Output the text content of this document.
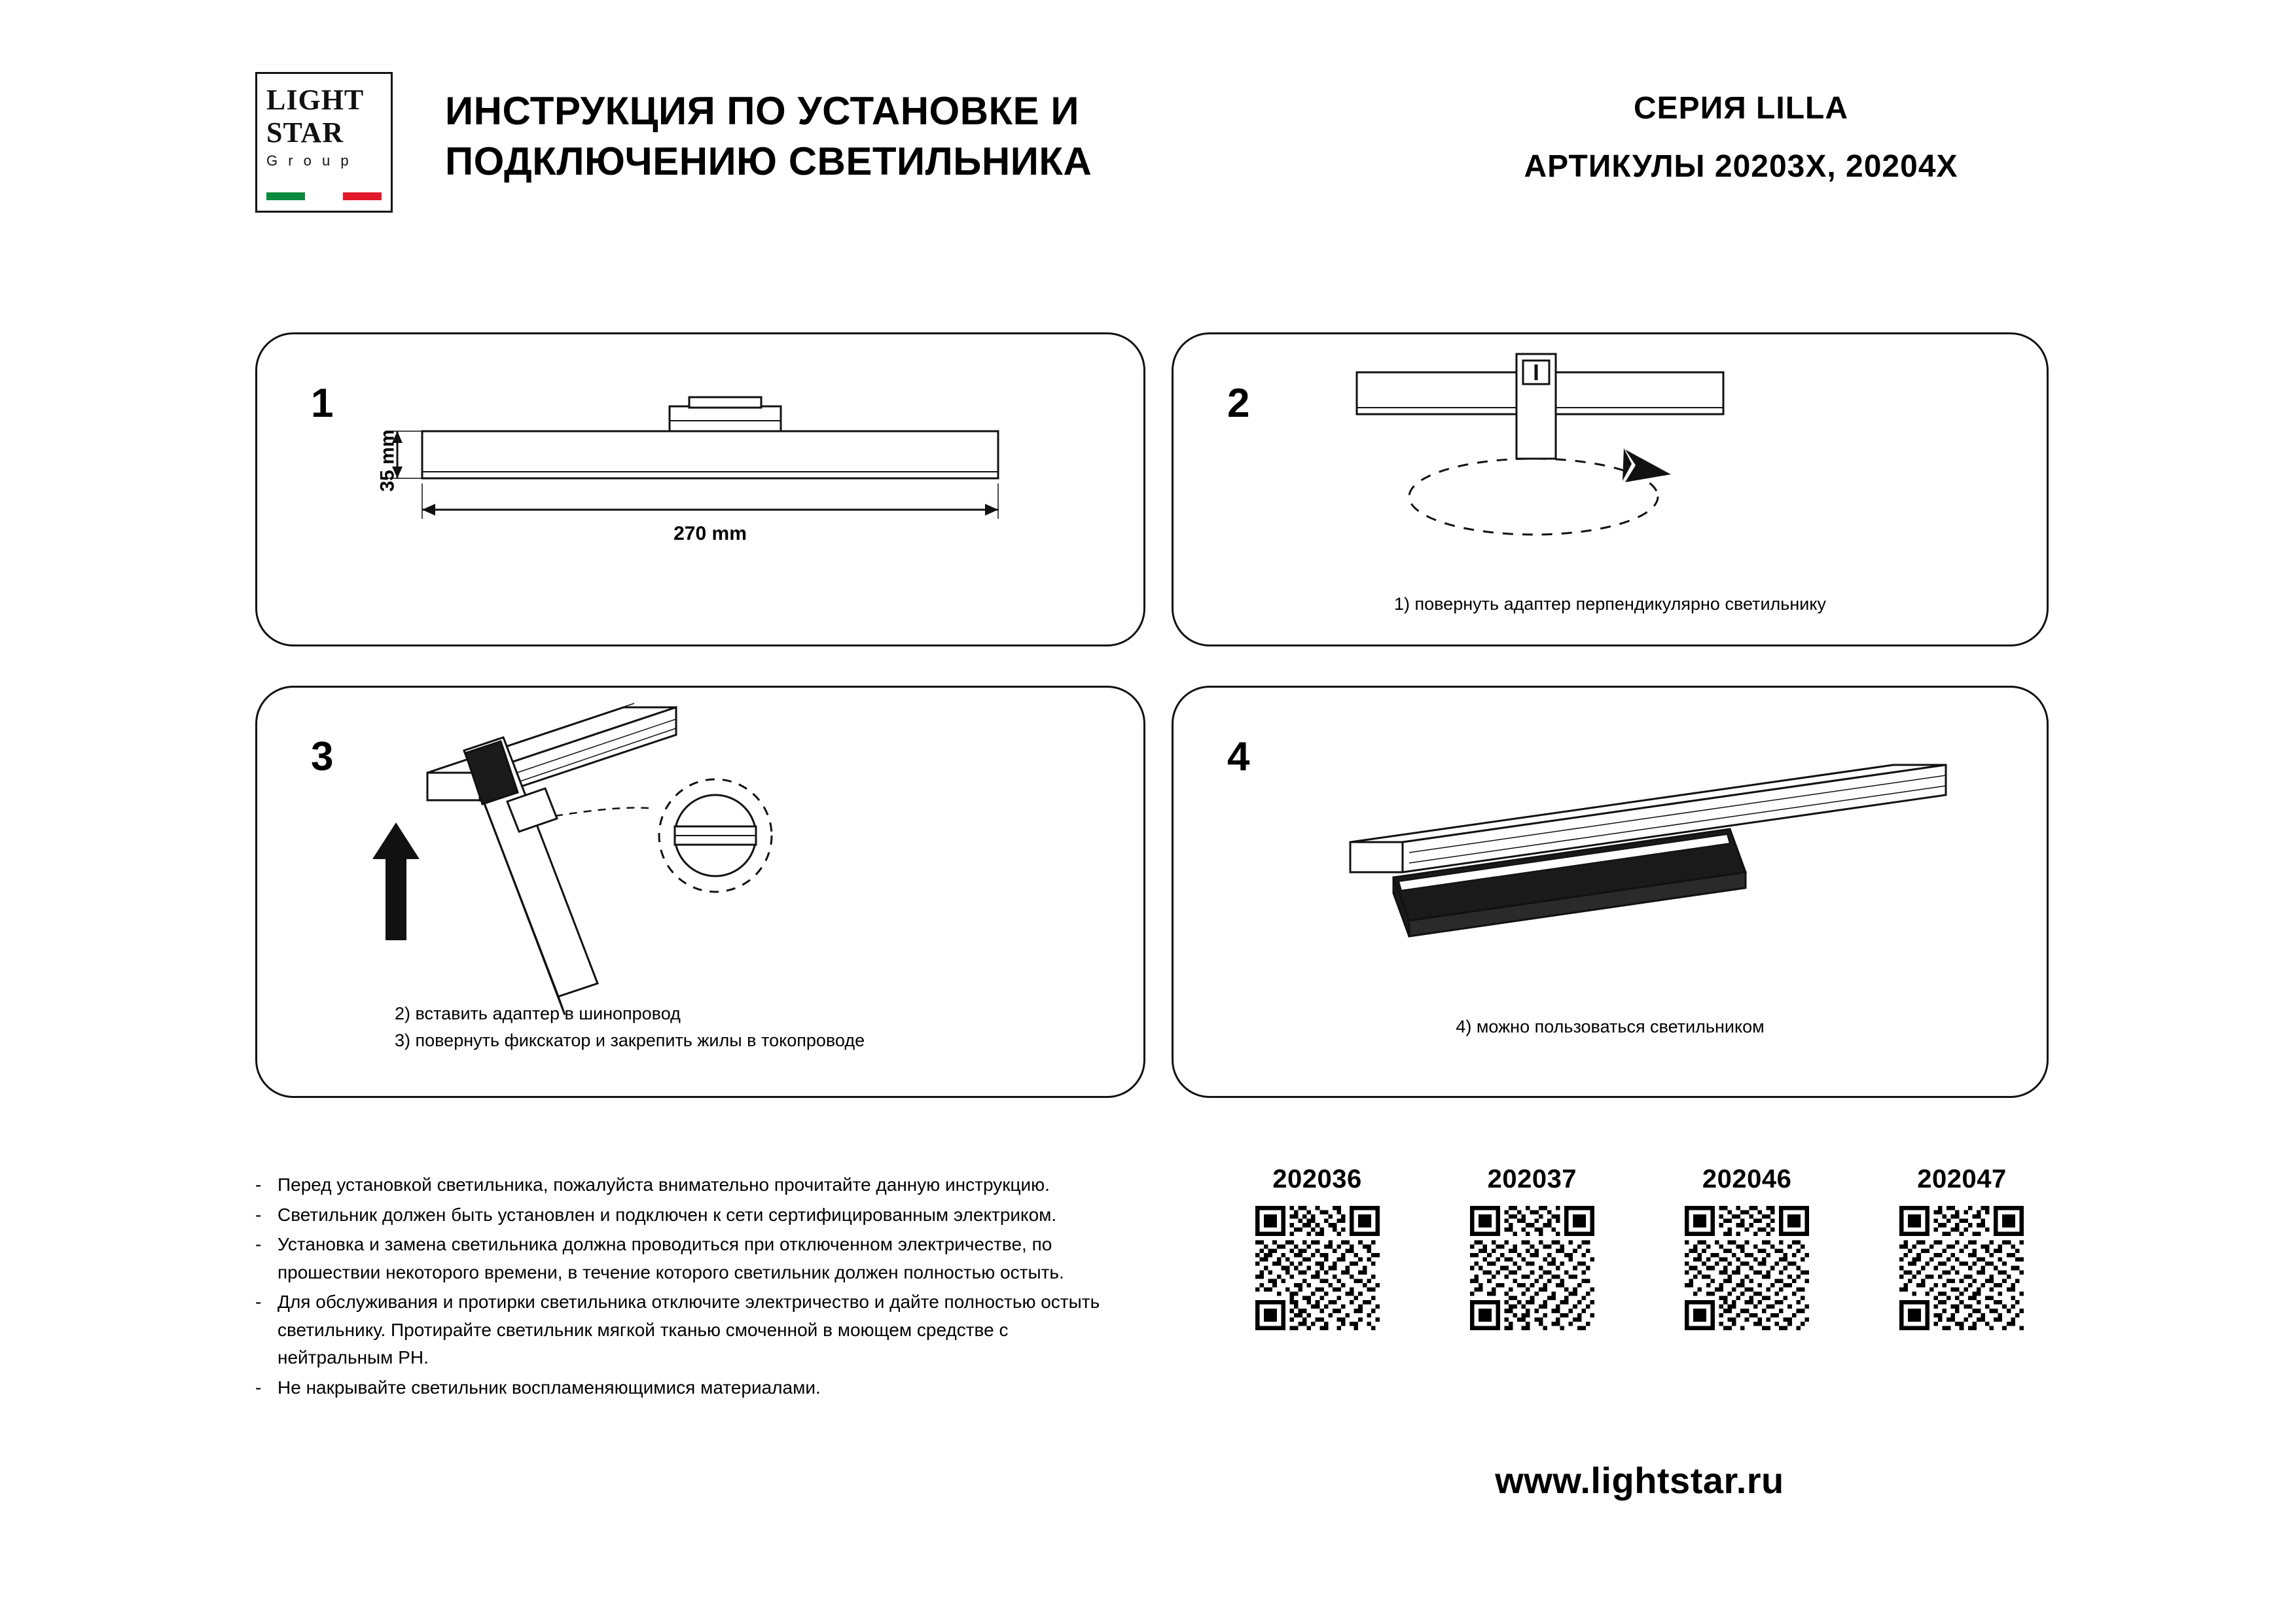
LIGHT
STAR
G r o u p
ИНСТРУКЦИЯ ПО УСТАНОВКЕ И ПОДКЛЮЧЕНИЮ СВЕТИЛЬНИКА
СЕРИЯ LILLA
АРТИКУЛЫ 20203X, 20204X
1
35 mm
270 mm
2
1) повернуть адаптер перпендикулярно светильнику
3
2) вставить адаптер в шинопровод
3) повернуть фикскатор и закрепить жилы в токопроводе
4
4) можно пользоваться светильником
- Перед установкой светильника, пожалуйста внимательно прочитайте данную инструкцию.
- Светильник должен быть установлен и подключен к сети сертифицированным электриком.
- Установка и замена светильника должна проводиться при отключенном электричестве, по прошествии некоторого времени, в течение которого светильник должен полностью остыть.
- Для обслуживания и протирки светильника отключите электричество и дайте полностью остыть светильнику. Протирайте светильник мягкой тканью смоченной в моющем средстве с нейтральным PH.
- Не накрывайте светильник воспламеняющимися материалами.
202036	202037	202046	202047
www.lightstar.ru
